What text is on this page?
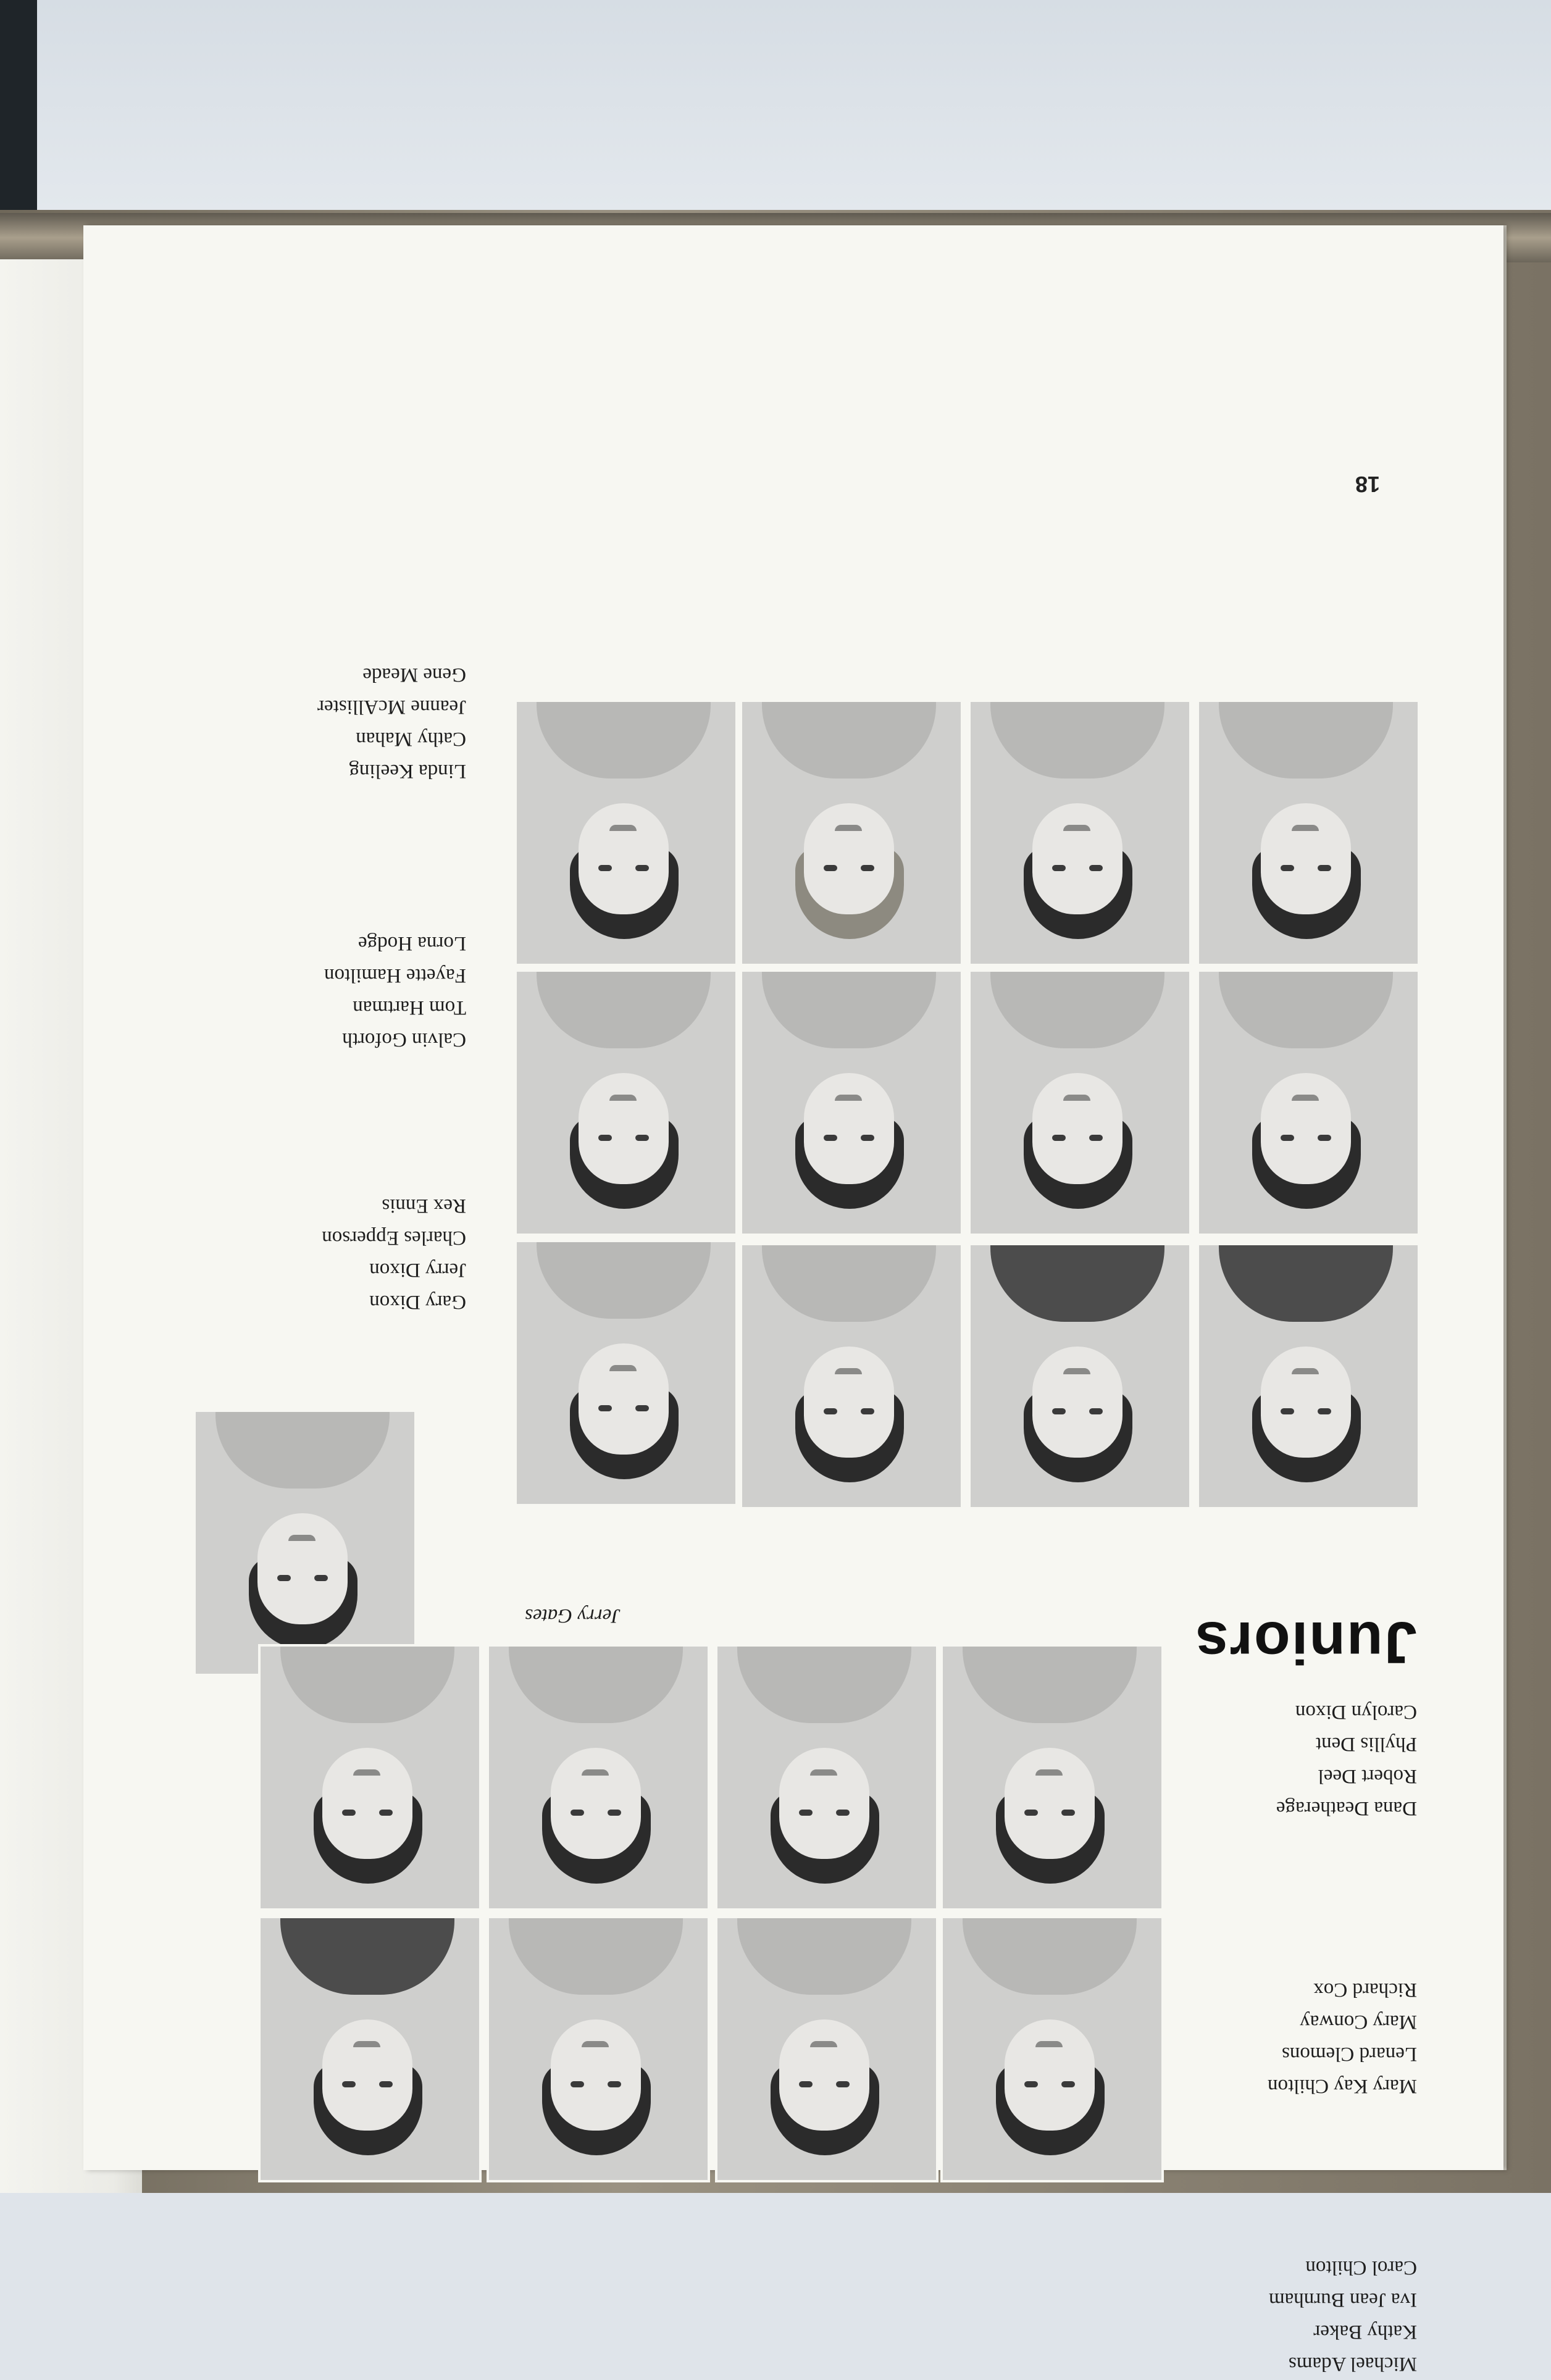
18
Linda Keeling
Cathy Mahan
Jeanne McAllister
Gene Meade
Calvin Goforth
Tom Hartman
Fayette Hamilton
Lorna Hodge
Gary Dixon
Jerry Dixon
Charles Epperson
Rex Ennis
Juniors
Jerry Gates
Dana Deatherage
Robert Deel
Phyllis Dent
Carolyn Dixon
Mary Kay Chilton
Lenard Clemons
Mary Conway
Richard Cox
Michael Adams
Kathy Baker
Iva Jean Burnham
Carol Chilton
